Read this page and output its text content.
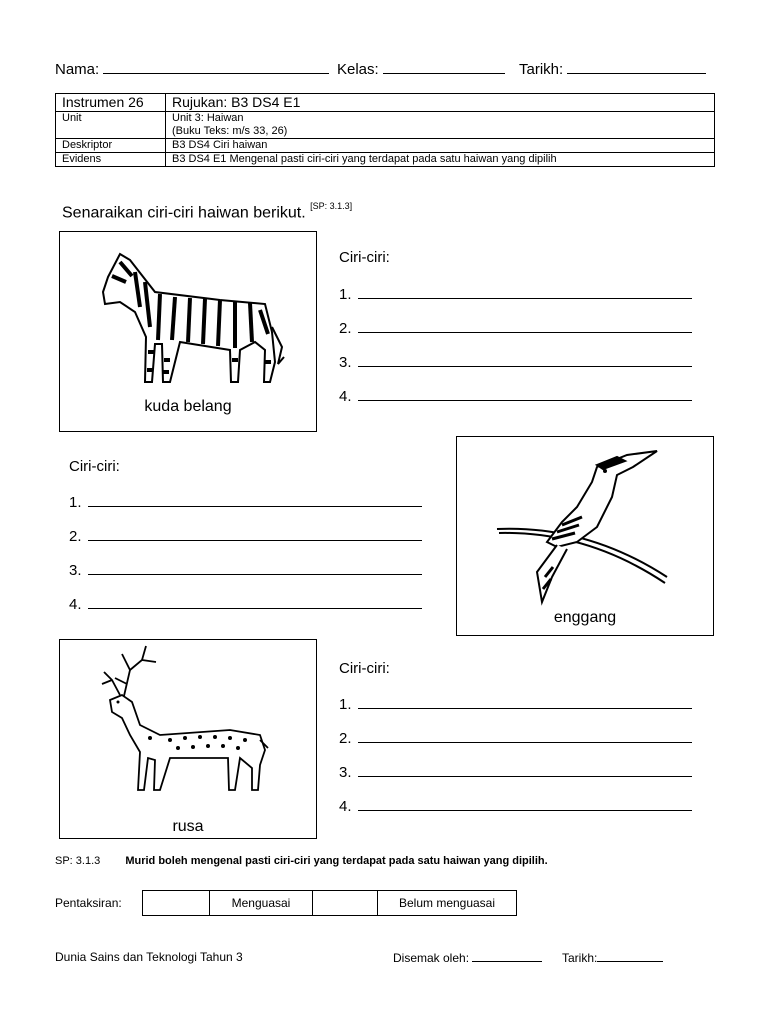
Nama:	Kelas:	Tarikh:
Instrumen 26	Rujukan: B3 DS4 E1
Unit	Unit 3: Haiwan
(Buku Teks: m/s 33, 26)

Deskriptor	B3 DS4 Ciri haiwan
Evidens	B3 DS4 E1 Mengenal pasti ciri-ciri yang terdapat pada satu haiwan yang dipilih
Senaraikan ciri-ciri haiwan berikut. [SP: 3.1.3]
kuda belang
Ciri-ciri:
1.
2.
3.
4.
Ciri-ciri:
1.
2.
3.
4.
enggang
rusa
Ciri-ciri:
1.
2.
3.
4.
SP: 3.1.3 Murid boleh mengenal pasti ciri-ciri yang terdapat pada satu haiwan yang dipilih.
Pentaksiran:
		Menguasai		Belum menguasai
Dunia Sains dan Teknologi Tahun 3	Disemak oleh:	Tarikh:
